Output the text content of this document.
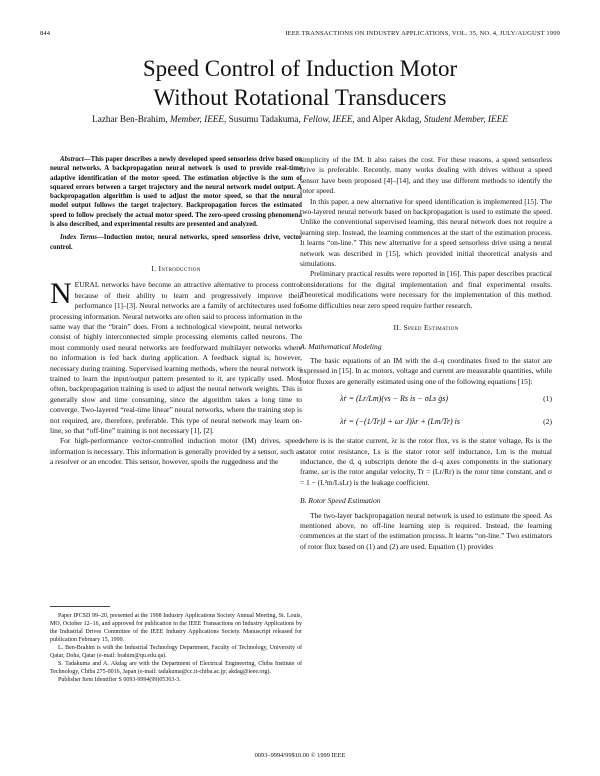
844	IEEE TRANSACTIONS ON INDUSTRY APPLICATIONS, VOL. 35, NO. 4, JULY/AUGUST 1999
Speed Control of Induction Motor
Without Rotational Transducers
Lazhar Ben-Brahim, Member, IEEE, Susumu Tadakuma, Fellow, IEEE, and Alper Akdag, Student Member, IEEE

Abstract—This paper describes a newly developed speed sensorless drive based on neural networks. A backpropagation neural network is used to provide real-time adaptive identification of the motor speed. The estimation objective is the sum of squared errors between a target trajectory and the neural network model output. A backpropagation algorithm is used to adjust the motor speed, so that the neural model output follows the target trajectory. Backpropagation forces the estimated speed to follow precisely the actual motor speed. The zero-speed crossing phenomena is also described, and experimental results are presented and analyzed.

Index Terms—Induction motor, neural networks, speed sensorless drive, vector control.

I. Introduction

NEURAL networks have become an attractive alternative to process control because of their ability to learn and progressively improve their performance [1]–[3]. Neural networks are a family of architectures used for processing information. Neural networks are often said to process information in the same way that the “brain” does. From a technological viewpoint, neural networks consist of highly interconnected simple processing elements called neurons. The most commonly used neural networks are feedforward multilayer networks where no information is fed back during application. A feedback signal is, however, necessary during training. Supervised learning methods, where the neural network is trained to learn the input/output pattern presented to it, are typically used. Most often, backpropagation training is used to adjust the neural network weights. This is generally slow and time consuming, since the algorithm takes a long time to converge. Two-layered “real-time linear” neural networks, where the training step is not required, are, therefore, preferable. This type of neural network may learn on-line, so that “off-line” training is not necessary [1], [2].

For high-performance vector-controlled induction motor (IM) drives, speed information is necessary. This information is generally provided by a sensor, such as a resolver or an encoder. This sensor, however, spoils the ruggedness and the

Paper IPCSD 99–20, presented at the 1998 Industry Applications Society Annual Meeting, St. Louis, MO, October 12–16, and approved for publication in the IEEE Transactions on Industry Applications by the Industrial Drives Committee of the IEEE Industry Applications Society. Manuscript released for publication February 15, 1999.

L. Ben-Brahim is with the Industrial Technology Department, Faculty of Technology, University of Qatar, Doha, Qatar (e-mail: brahim@qu.edu.qa).

S. Tadakuma and A. Akdag are with the Department of Electrical Engineering, Chiba Institute of Technology, Chiba 275-0016, Japan (e-mail: tadakuma@cc.it-chiba.ac.jp; akdag@ieee.org).

Publisher Item Identifier S 0093-9994(99)05363-3.

simplicity of the IM. It also raises the cost. For these reasons, a speed sensorless drive is preferable. Recently, many works dealing with drives without a speed sensor have been proposed [4]–[14], and they use different methods to identify the rotor speed.

In this paper, a new alternative for speed identification is implemented [15]. The two-layered neural network based on backpropagation is used to estimate the speed. Unlike the conventional supervised learning, this neural network does not require a learning step. Instead, the learning commences at the start of the estimation process. It learns “on-line.” This new alternative for a speed sensorless drive using a neural network was described in [15], which provided initial theoretical analysis and simulations.

Preliminary practical results were reported in [16]. This paper describes practical considerations for the digital implementation and final experimental results. Theoretical modifications were necessary for the implementation of this method. Some difficulties near zero speed require further research.

II. Speed Estimation
A. Mathematical Modeling

The basic equations of an IM with the d–q coordinates fixed to the stator are expressed in [15]. In ac motors, voltage and current are measurable quantities, while rotor fluxes are generally estimated using one of the following equations [15]:

λ̇r = (Lr/Lm)(vs − Rs is − σLs ġs)	(1)
λ̇r = (−(1/Tr)I + ωr J)λr + (Lm/Tr) is	(2)

where is is the stator current, λr is the rotor flux, vs is the stator voltage, Rs is the stator rotor resistance, Ls is the stator rotor self inductance, Lm is the mutual inductance, the d, q subscripts denote the d–q axes components in the stationary frame, ωr is the rotor angular velocity, Tr = (Lr/Rr) is the rotor time constant, and σ = 1 − (L²m/LsLr) is the leakage coefficient.

B. Rotor Speed Estimation

The two-layer backpropagation neural network is used to estimate the speed. As mentioned above, no off-line learning step is required. Instead, the learning commences at the start of the estimation process. It learns “on-line.” Two estimators of rotor flux based on (1) and (2) are used. Equation (1) provides

0093–9994/99$10.00 © 1999 IEEE
